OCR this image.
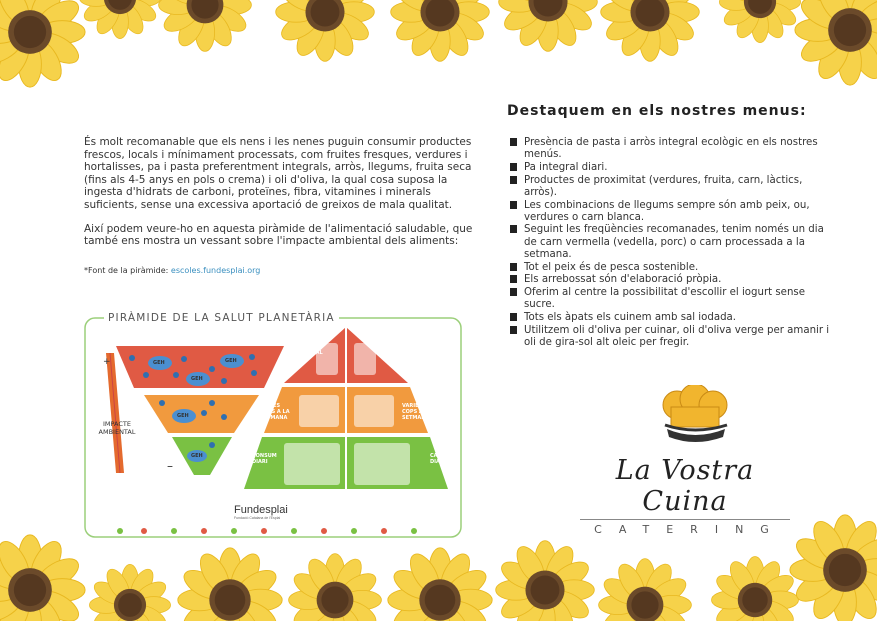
És molt recomanable que els nens i les nenes puguin consumir productes frescos, locals i mínimament processats, com fruites fresques, verdures i hortalisses, pa i pasta preferentment integrals, arròs, llegums, fruita seca (fins als 4-5 anys en pols o crema) i oli d'oliva, la qual cosa suposa la ingesta d'hidrats de carboni, proteïnes, fibra, vitamines i minerals suficients, sense una excessiva aportació de greixos de mala qualitat.

Així podem veure-ho en aquesta piràmide de l'alimentació saludable, que també ens mostra un vessant sobre l'impacte ambiental dels aliments:

*Font de la piràmide: escoles.fundesplai.org
PIRÀMIDE DE LA SALUT PLANETÀRIA
+
–
IMPACTE AMBIENTAL
GEH	GEH
GEH
GEH
GEH
OCASIONAL	MAI
VARIES COPS A LA SETMANA
VARIES COPS A LA SETMANA
CONSUM DIARI
CADA DIA
Fundesplai
Fundació Catalana de l'Esplai
Destaquem en els nostres menus:
Presència de pasta i arròs integral ecològic en els nostres menús.
Pa integral diari.
Productes de proximitat (verdures, fruita, carn, làctics, arròs).
Les combinacions de llegums sempre són amb peix, ou, verdures o carn blanca.
Seguint les freqüències recomanades, tenim només un dia de carn vermella (vedella, porc) o carn processada a la setmana.
Tot el peix és de pesca sostenible.
Els arrebossat són d'elaboració pròpia.
Oferim al centre la possibilitat d'escollir el iogurt sense sucre.
Tots els àpats els cuinem amb sal iodada.
Utilitzem oli d'oliva per cuinar, oli d'oliva verge per amanir i oli de gira-sol alt oleic per fregir.
La Vostra Cuina
CATERING
